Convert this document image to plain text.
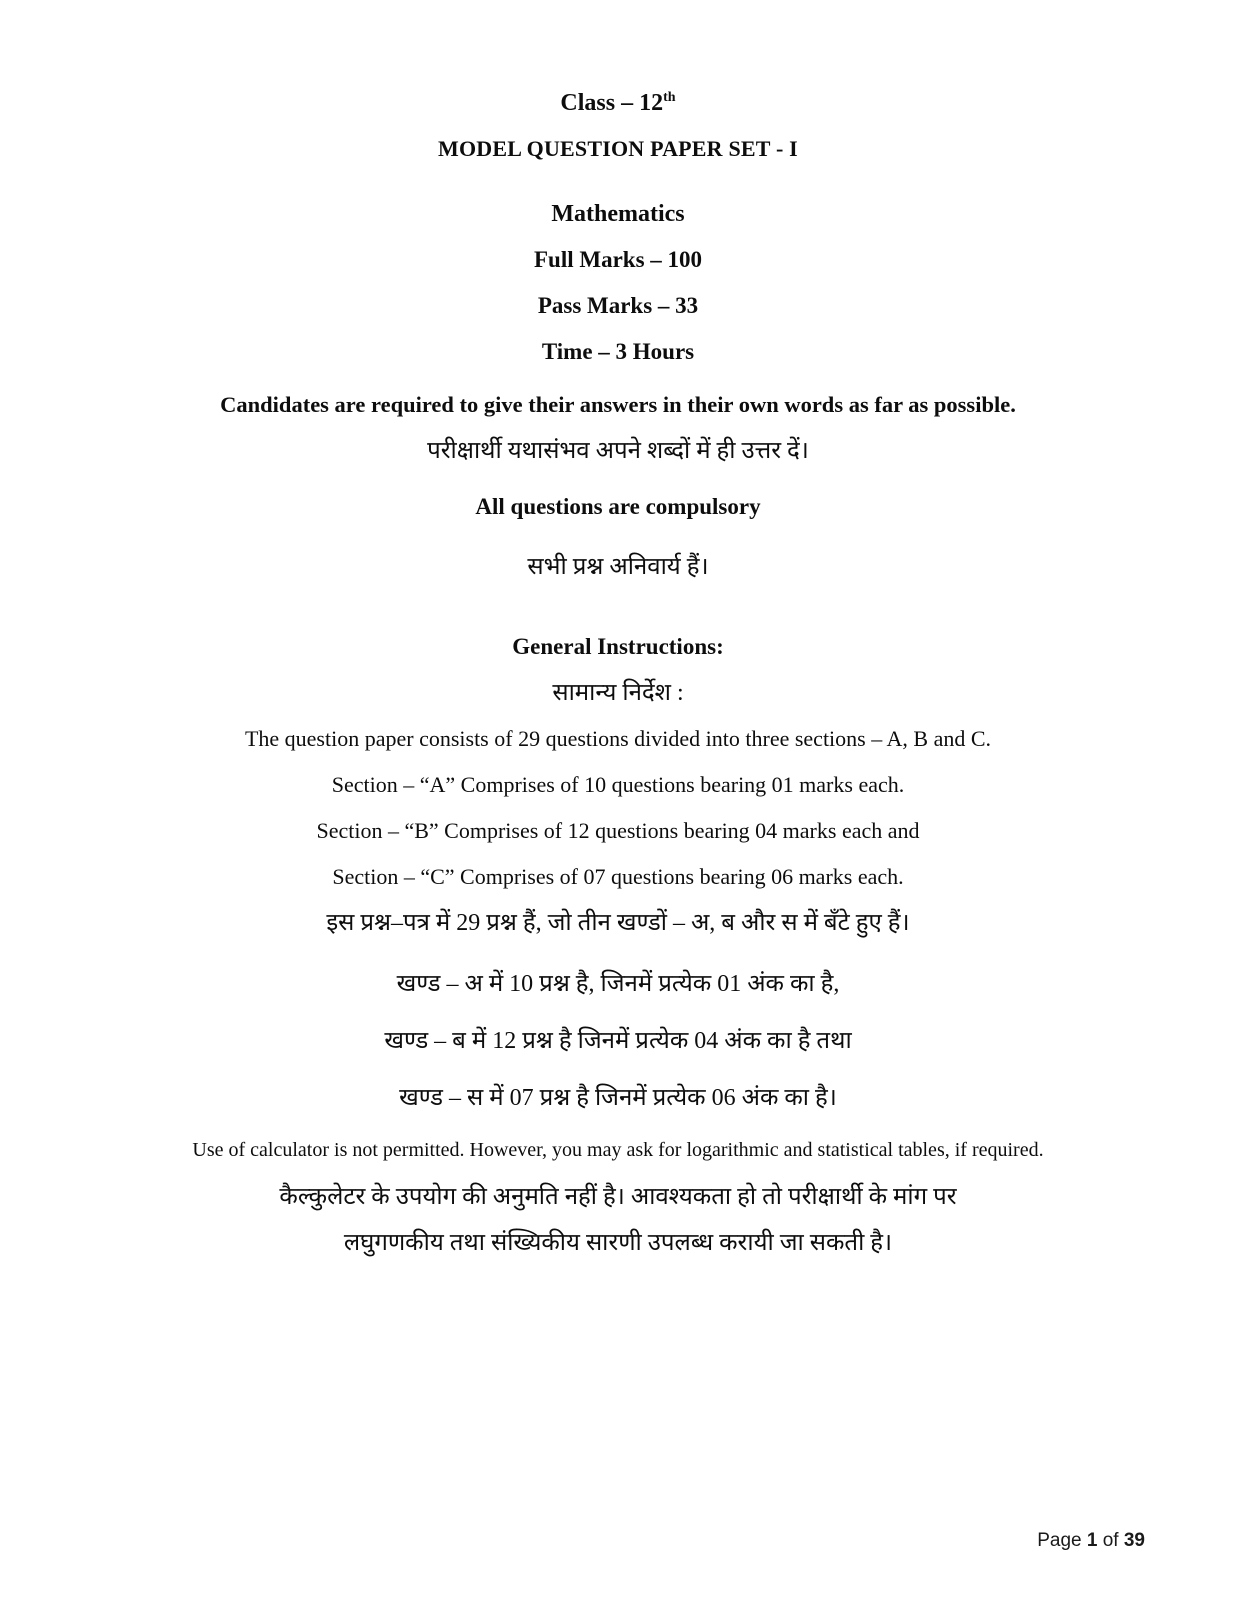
Class – 12th

MODEL QUESTION PAPER SET - I

Mathematics

Full Marks – 100

Pass Marks – 33

Time – 3 Hours

Candidates are required to give their answers in their own words as far as possible.

परीक्षार्थी यथासंभव अपने शब्दों में ही उत्तर दें।

All questions are compulsory

सभी प्रश्न अनिवार्य हैं।

General Instructions:

सामान्य निर्देश :

The question paper consists of 29 questions divided into three sections – A, B and C.

Section – “A” Comprises of 10 questions bearing 01 marks each.

Section – “B” Comprises of 12 questions bearing 04 marks each and

Section – “C” Comprises of 07 questions bearing 06 marks each.

इस प्रश्न–पत्र में 29 प्रश्न हैं, जो तीन खण्डों – अ, ब और स में बँटे हुए हैं।

खण्ड – अ में 10 प्रश्न है, जिनमें प्रत्येक 01 अंक का है,

खण्ड – ब में 12 प्रश्न है जिनमें प्रत्येक 04 अंक का है तथा

खण्ड – स में 07 प्रश्न है जिनमें प्रत्येक 06 अंक का है।

Use of calculator is not permitted. However, you may ask for logarithmic and statistical tables, if required.

कैल्कुलेटर के उपयोग की अनुमति नहीं है। आवश्यकता हो तो परीक्षार्थी के मांग पर

लघुगणकीय तथा संख्यिकीय सारणी उपलब्ध करायी जा सकती है।

Page 1 of 39
